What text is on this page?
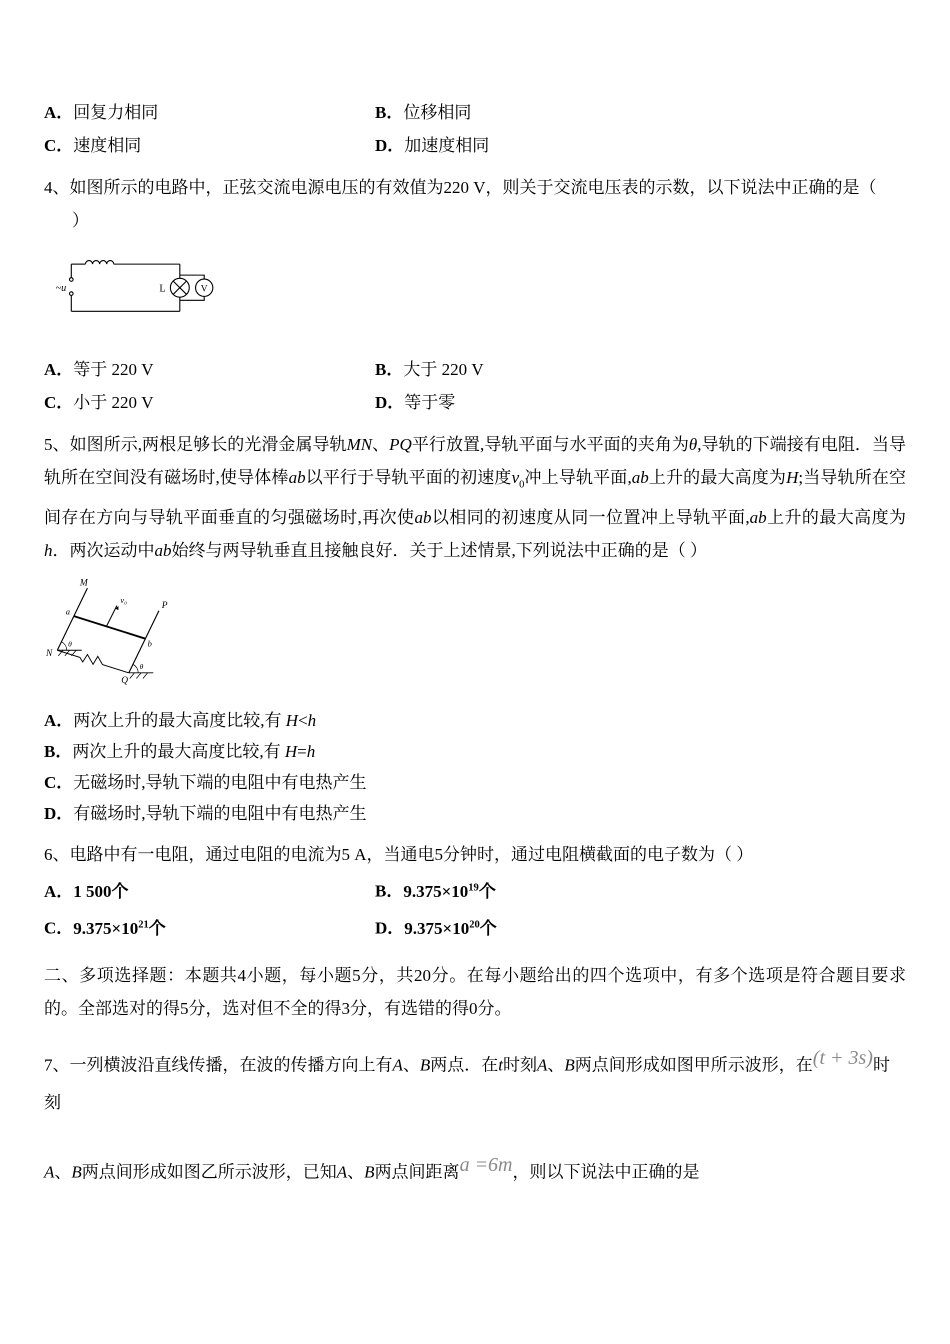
A．回复力相同	B．位移相同
C．速度相同	D．加速度相同
4、如图所示的电路中，正弦交流电源电压的有效值为220 V，则关于交流电压表的示数，以下说法中正确的是（
）
~u	L	V
A．等于 220 V	B．大于 220 V
C．小于 220 V	D．等于零
5、如图所示,两根足够长的光滑金属导轨MN、PQ平行放置,导轨平面与水平面的夹角为θ,导轨的下端接有电阻．当导轨所在空间没有磁场时,使导体棒ab以平行于导轨平面的初速度$v_0$冲上导轨平面,ab上升的最大高度为H;当导轨所在空间存在方向与导轨平面垂直的匀强磁场时,再次使ab以相同的初速度从同一位置冲上导轨平面,ab上升的最大高度为h．两次运动中ab始终与两导轨垂直且接触良好．关于上述情景,下列说法中正确的是（ ）
M
P
N
Q
a
b
v₀
θ
θ
A．两次上升的最大高度比较,有 H<h
B．两次上升的最大高度比较,有 H=h
C．无磁场时,导轨下端的电阻中有电热产生
D．有磁场时,导轨下端的电阻中有电热产生
6、电路中有一电阻，通过电阻的电流为5 A，当通电5分钟时，通过电阻横截面的电子数为（ ）
A．1 500个	B．$9.375\times 10^{19}$个
C．$9.375\times 10^{21}$个	D．$9.375\times 10^{20}$个
二、多项选择题：本题共4小题，每小题5分，共20分。在每小题给出的四个选项中，有多个选项是符合题目要求的。全部选对的得5分，选对但不全的得3分，有选错的得0分。

7、一列横波沿直线传播，在波的传播方向上有A、B两点．在t时刻A、B两点间形成如图甲所示波形，在(t + 3s)时刻

A、B两点间形成如图乙所示波形，已知A、B两点间距离a =6m，则以下说法中正确的是
